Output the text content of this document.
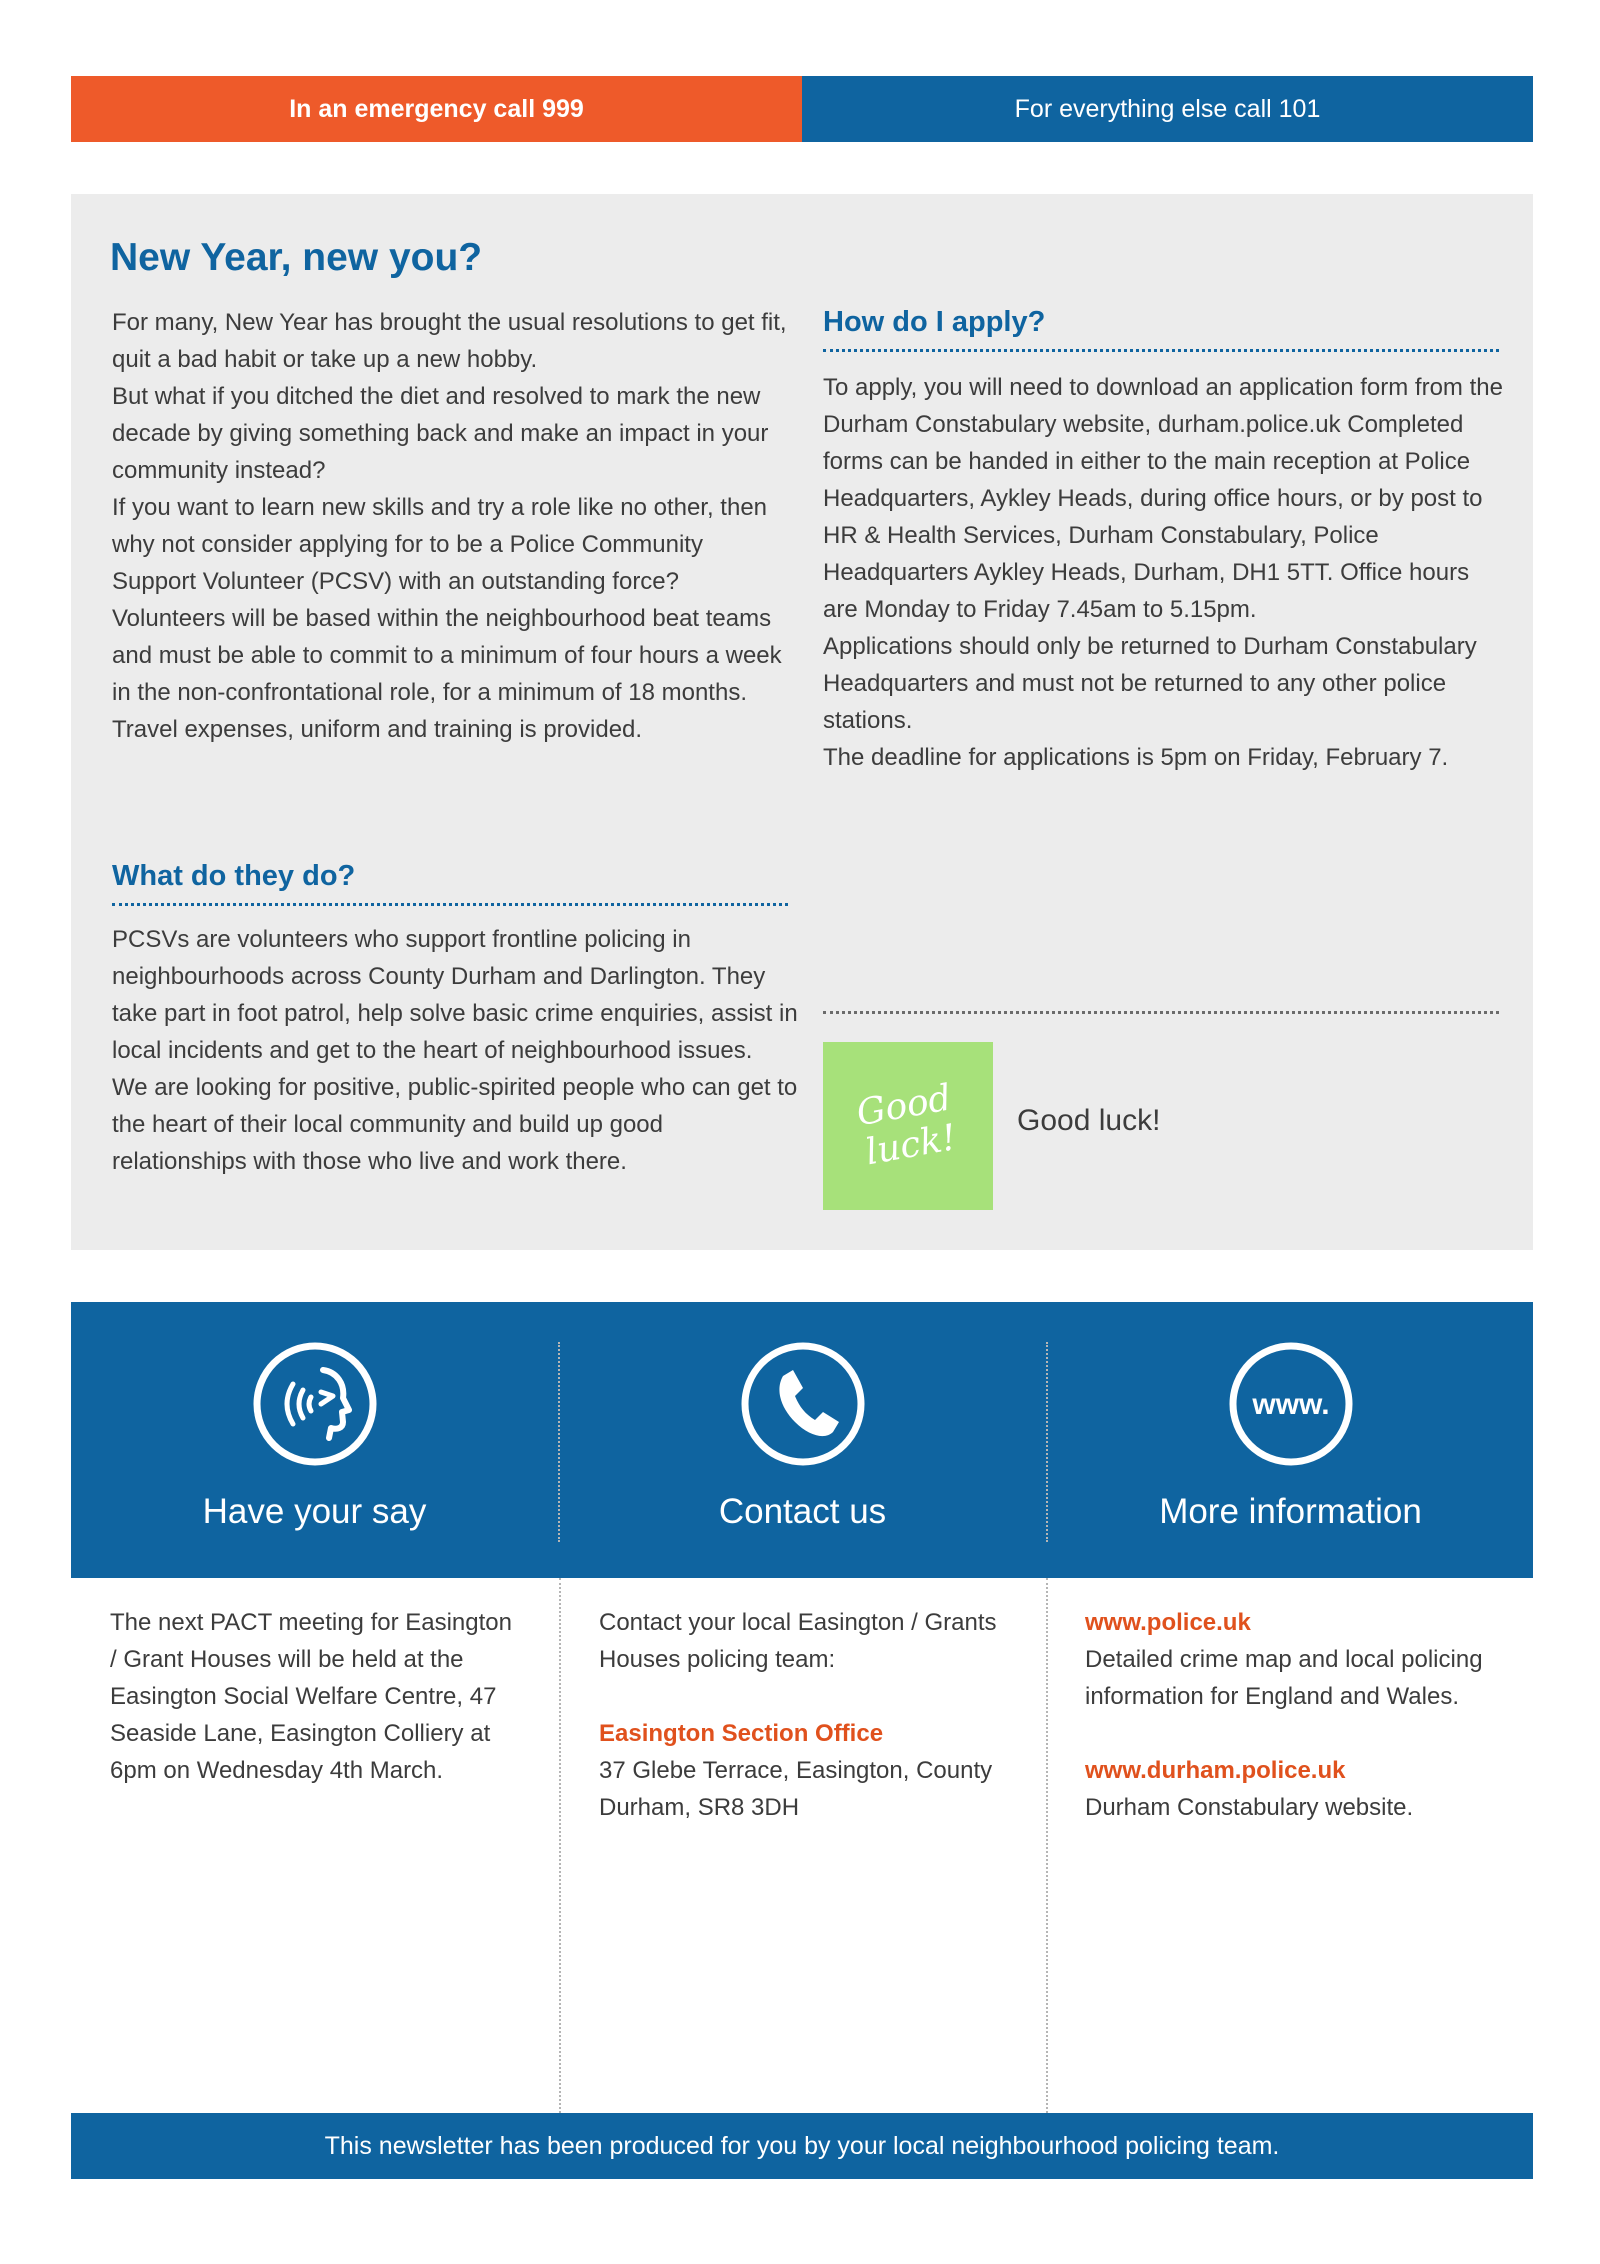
In an emergency call 999	For everything else call 101
New Year, new you?

For many, New Year has brought the usual resolutions to get fit, quit a bad habit or take up a new hobby.

But what if you ditched the diet and resolved to mark the new decade by giving something back and make an impact in your community instead?

If you want to learn new skills and try a role like no other, then why not consider applying for to be a Police Community Support Volunteer (PCSV) with an outstanding force?

Volunteers will be based within the neighbourhood beat teams and must be able to commit to a minimum of four hours a week in the non-confrontational role, for a minimum of 18 months.

Travel expenses, uniform and training is provided.

What do they do?

PCSVs are volunteers who support frontline policing in neighbourhoods across County Durham and Darlington. They take part in foot patrol, help solve basic crime enquiries, assist in local incidents and get to the heart of neighbourhood issues.

We are looking for positive, public-spirited people who can get to the heart of their local community and build up good relationships with those who live and work there.

How do I apply?

To apply, you will need to download an application form from the Durham Constabulary website, durham.police.uk Completed forms can be handed in either to the main reception at Police Headquarters, Aykley Heads, during office hours, or by post to HR & Health Services, Durham Constabulary, Police Headquarters Aykley Heads, Durham, DH1 5TT. Office hours are Monday to Friday 7.45am to 5.15pm.

Applications should only be returned to Durham Constabulary Headquarters and must not be returned to any other police stations.

The deadline for applications is 5pm on Friday, February 7.

Good
luck! Good luck!
Have your say	Contact us
www.
More information

The next PACT meeting for Easington / Grant Houses will be held at the Easington Social Welfare Centre, 47 Seaside Lane, Easington Colliery at 6pm on Wednesday 4th March.

Contact your local Easington / Grants Houses policing team:

Easington Section Office

37 Glebe Terrace, Easington, County Durham, SR8 3DH

www.police.uk

Detailed crime map and local policing information for England and Wales.

www.durham.police.uk

Durham Constabulary website.

This newsletter has been produced for you by your local neighbourhood policing team.
